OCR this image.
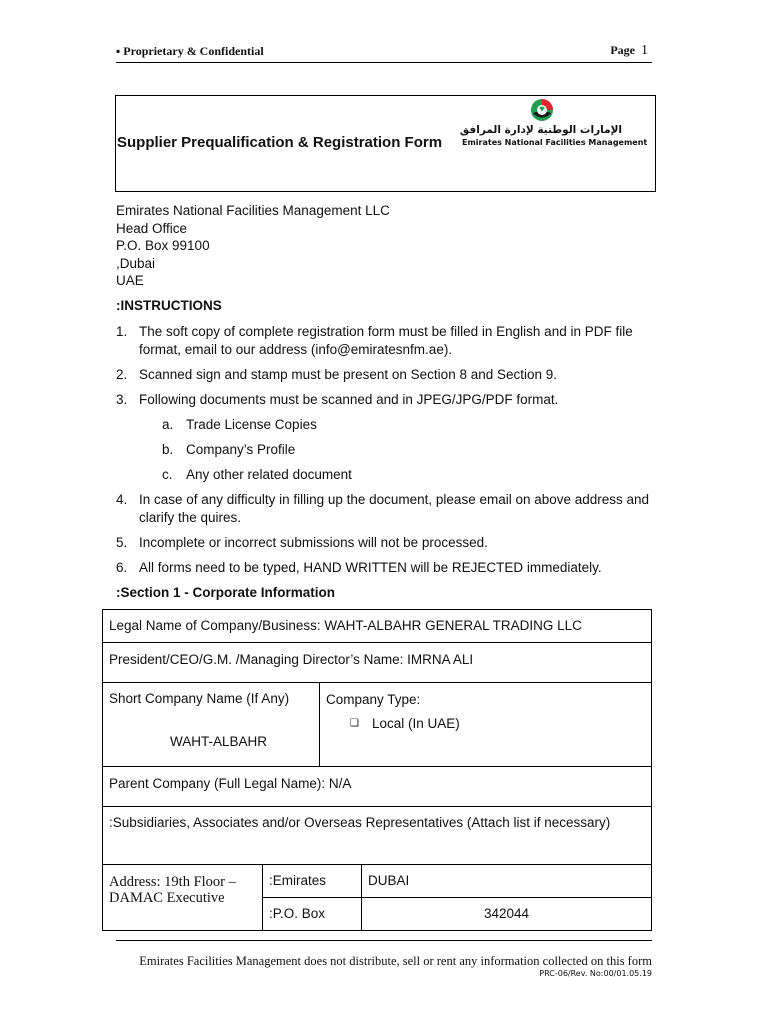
▪ Proprietary & Confidential	Page 1
Supplier Prequalification & Registration Form
الإمارات الوطنية لإدارة المرافق
Emirates National Facilities Management
Emirates National Facilities Management LLC
Head Office
P.O. Box 99100
,Dubai
UAE
:INSTRUCTIONS
1. The soft copy of complete registration form must be filled in English and in PDF file format, email to our address (info@emiratesnfm.ae).
2. Scanned sign and stamp must be present on Section 8 and Section 9.
3. Following documents must be scanned and in JPEG/JPG/PDF format.
a. Trade License Copies
b. Company’s Profile
c. Any other related document
4. In case of any difficulty in filling up the document, please email on above address and clarify the quires.
5. Incomplete or incorrect submissions will not be processed.
6. All forms need to be typed, HAND WRITTEN will be REJECTED immediately.
:Section 1 - Corporate Information
Legal Name of Company/Business: WAHT-ALBAHR GENERAL TRADING LLC
President/CEO/G.M. /Managing Director’s Name: IMRNA ALI
Short Company Name (If Any)
WAHT-ALBAHR
Company Type:
❑ Local (In UAE)
Parent Company (Full Legal Name): N/A
:Subsidiaries, Associates and/or Overseas Representatives (Attach list if necessary)
Address: 19th Floor –
DAMAC Executive
:Emirates	DUBAI
:P.O. Box	342044
Emirates Facilities Management does not distribute, sell or rent any information collected on this form
PRC-06/Rev. No:00/01.05.19
